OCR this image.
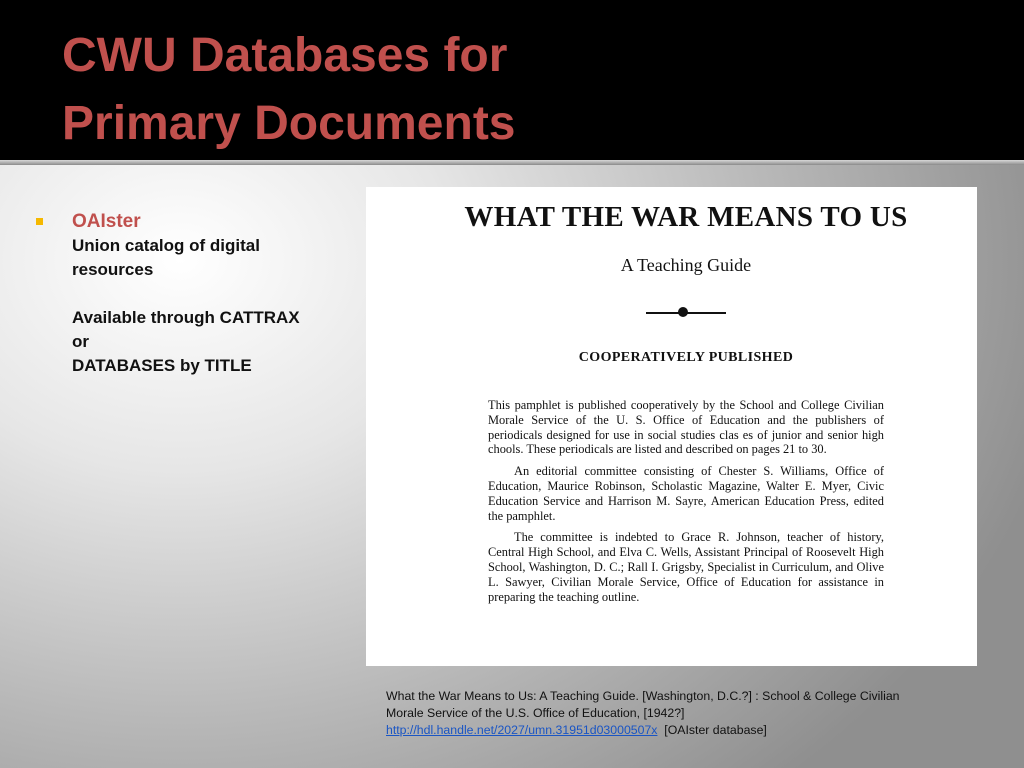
CWU Databases for
Primary Documents
OAIster
Union catalog of digital
resources
Available through CATTRAX
or
DATABASES by TITLE
WHAT THE WAR MEANS TO US
A Teaching Guide
COOPERATIVELY PUBLISHED

This pamphlet is published cooperatively by the School and College Civilian Morale Service of the U. S. Office of Education and the publishers of periodicals designed for use in social studies clas es of junior and senior high chools. These periodicals are listed and described on pages 21 to 30.

An editorial committee consisting of Chester S. Williams, Office of Education, Maurice Robinson, Scholastic Magazine, Walter E. Myer, Civic Education Service and Harrison M. Sayre, American Education Press, edited the pamphlet.

The committee is indebted to Grace R. Johnson, teacher of history, Central High School, and Elva C. Wells, Assistant Principal of Roosevelt High School, Washington, D. C.; Rall I. Grigsby, Specialist in Curriculum, and Olive L. Sawyer, Civilian Morale Service, Office of Education for assistance in preparing the teaching outline.

What the War Means to Us: A Teaching Guide. [Washington, D.C.?] : School & College Civilian
Morale Service of the U.S. Office of Education, [1942?]
http://hdl.handle.net/2027/umn.31951d03000507x [OAIster database]
